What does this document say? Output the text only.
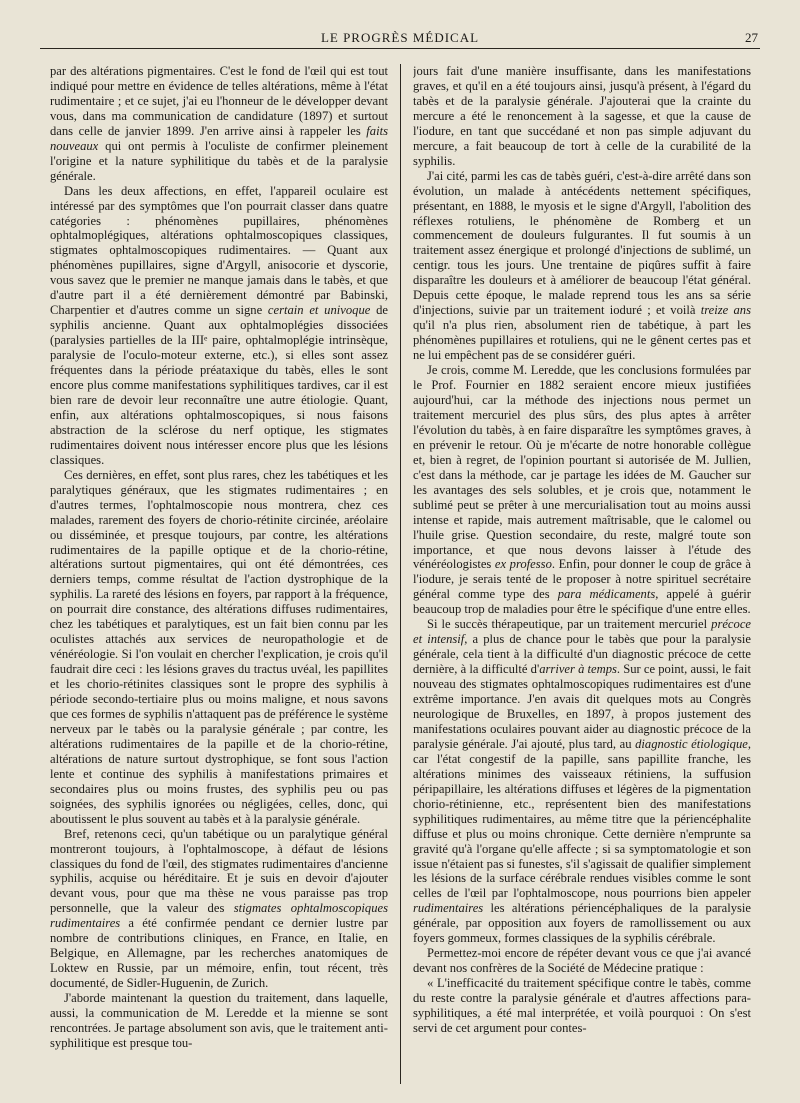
LE PROGRÈS MÉDICAL	27

par des altérations pigmentaires. C'est le fond de l'œil qui est tout indiqué pour mettre en évidence de telles altérations, même à l'état rudimentaire ; et ce sujet, j'ai eu l'honneur de le développer devant vous, dans ma communication de candidature (1897) et surtout dans celle de janvier 1899. J'en arrive ainsi à rappeler les faits nouveaux qui ont permis à l'oculiste de confirmer pleinement l'origine et la nature syphilitique du tabès et de la paralysie générale.

Dans les deux affections, en effet, l'appareil oculaire est intéressé par des symptômes que l'on pourrait classer dans quatre catégories : phénomènes pupillaires, phénomènes ophtalmoplégiques, altérations ophtalmoscopiques classiques, stigmates ophtalmoscopiques rudimentaires. — Quant aux phénomènes pupillaires, signe d'Argyll, anisocorie et dyscorie, vous savez que le premier ne manque jamais dans le tabès, et que d'autre part il a été dernièrement démontré par Babinski, Charpentier et d'autres comme un signe certain et univoque de syphilis ancienne. Quant aux ophtalmoplégies dissociées (paralysies partielles de la IIIᵉ paire, ophtalmoplégie intrinsèque, paralysie de l'oculo-moteur externe, etc.), si elles sont assez fréquentes dans la période préataxique du tabès, elles le sont encore plus comme manifestations syphilitiques tardives, car il est bien rare de devoir leur reconnaître une autre étiologie. Quant, enfin, aux altérations ophtalmoscopiques, si nous faisons abstraction de la sclérose du nerf optique, les stigmates rudimentaires doivent nous intéresser encore plus que les lésions classiques.

Ces dernières, en effet, sont plus rares, chez les tabétiques et les paralytiques généraux, que les stigmates rudimentaires ; en d'autres termes, l'ophtalmoscopie nous montrera, chez ces malades, rarement des foyers de chorio-rétinite circinée, aréolaire ou disséminée, et presque toujours, par contre, les altérations rudimentaires de la papille optique et de la chorio-rétine, altérations surtout pigmentaires, qui ont été démontrées, ces derniers temps, comme résultat de l'action dystrophique de la syphilis. La rareté des lésions en foyers, par rapport à la fréquence, on pourrait dire constance, des altérations diffuses rudimentaires, chez les tabétiques et paralytiques, est un fait bien connu par les oculistes attachés aux services de neuropathologie et de vénéréologie. Si l'on voulait en chercher l'explication, je crois qu'il faudrait dire ceci : les lésions graves du tractus uvéal, les papillites et les chorio-rétinites classiques sont le propre des syphilis à période secondo-tertiaire plus ou moins maligne, et nous savons que ces formes de syphilis n'attaquent pas de préférence le système nerveux par le tabès ou la paralysie générale ; par contre, les altérations rudimentaires de la papille et de la chorio-rétine, altérations de nature surtout dystrophique, se font sous l'action lente et continue des syphilis à manifestations primaires et secondaires plus ou moins frustes, des syphilis peu ou pas soignées, des syphilis ignorées ou négligées, celles, donc, qui aboutissent le plus souvent au tabès et à la paralysie générale.

Bref, retenons ceci, qu'un tabétique ou un paralytique général montreront toujours, à l'ophtalmoscope, à défaut de lésions classiques du fond de l'œil, des stigmates rudimentaires d'ancienne syphilis, acquise ou héréditaire. Et je suis en devoir d'ajouter devant vous, pour que ma thèse ne vous paraisse pas trop personnelle, que la valeur des stigmates ophtalmoscopiques rudimentaires a été confirmée pendant ce dernier lustre par nombre de contributions cliniques, en France, en Italie, en Belgique, en Allemagne, par les recherches anatomiques de Loktew en Russie, par un mémoire, enfin, tout récent, très documenté, de Sidler-Huguenin, de Zurich.

J'aborde maintenant la question du traitement, dans laquelle, aussi, la communication de M. Leredde et la mienne se sont rencontrées. Je partage absolument son avis, que le traitement anti-syphilitique est presque tou-

jours fait d'une manière insuffisante, dans les manifestations graves, et qu'il en a été toujours ainsi, jusqu'à présent, à l'égard du tabès et de la paralysie générale. J'ajouterai que la crainte du mercure a été le renoncement à la sagesse, et que la cause de l'iodure, en tant que succédané et non pas simple adjuvant du mercure, a fait beaucoup de tort à celle de la curabilité de la syphilis.

J'ai cité, parmi les cas de tabès guéri, c'est-à-dire arrêté dans son évolution, un malade à antécédents nettement spécifiques, présentant, en 1888, le myosis et le signe d'Argyll, l'abolition des réflexes rotuliens, le phénomène de Romberg et un commencement de douleurs fulgurantes. Il fut soumis à un traitement assez énergique et prolongé d'injections de sublimé, un centigr. tous les jours. Une trentaine de piqûres suffit à faire disparaître les douleurs et à améliorer de beaucoup l'état général. Depuis cette époque, le malade reprend tous les ans sa série d'injections, suivie par un traitement ioduré ; et voilà treize ans qu'il n'a plus rien, absolument rien de tabétique, à part les phénomènes pupillaires et rotuliens, qui ne le gênent certes pas et ne lui empêchent pas de se considérer guéri.

Je crois, comme M. Leredde, que les conclusions formulées par le Prof. Fournier en 1882 seraient encore mieux justifiées aujourd'hui, car la méthode des injections nous permet un traitement mercuriel des plus sûrs, des plus aptes à arrêter l'évolution du tabès, à en faire disparaître les symptômes graves, à en prévenir le retour. Où je m'écarte de notre honorable collègue et, bien à regret, de l'opinion pourtant si autorisée de M. Jullien, c'est dans la méthode, car je partage les idées de M. Gaucher sur les avantages des sels solubles, et je crois que, notamment le sublimé peut se prêter à une mercurialisation tout au moins aussi intense et rapide, mais autrement maîtrisable, que le calomel ou l'huile grise. Question secondaire, du reste, malgré toute son importance, et que nous devons laisser à l'étude des vénéréologistes ex professo. Enfin, pour donner le coup de grâce à l'iodure, je serais tenté de le proposer à notre spirituel secrétaire général comme type des para médicaments, appelé à guérir beaucoup trop de maladies pour être le spécifique d'une entre elles.

Si le succès thérapeutique, par un traitement mercuriel précoce et intensif, a plus de chance pour le tabès que pour la paralysie générale, cela tient à la difficulté d'un diagnostic précoce de cette dernière, à la difficulté d'arriver à temps. Sur ce point, aussi, le fait nouveau des stigmates ophtalmoscopiques rudimentaires est d'une extrême importance. J'en avais dit quelques mots au Congrès neurologique de Bruxelles, en 1897, à propos justement des manifestations oculaires pouvant aider au diagnostic précoce de la paralysie générale. J'ai ajouté, plus tard, au diagnostic étiologique, car l'état congestif de la papille, sans papillite franche, les altérations minimes des vaisseaux rétiniens, la suffusion péripapillaire, les altérations diffuses et légères de la pigmentation chorio-rétinienne, etc., représentent bien des manifestations syphilitiques rudimentaires, au même titre que la périencéphalite diffuse et plus ou moins chronique. Cette dernière n'emprunte sa gravité qu'à l'organe qu'elle affecte ; si sa symptomatologie et son issue n'étaient pas si funestes, s'il s'agissait de qualifier simplement les lésions de la surface cérébrale rendues visibles comme le sont celles de l'œil par l'ophtalmoscope, nous pourrions bien appeler rudimentaires les altérations périencéphaliques de la paralysie générale, par opposition aux foyers de ramollissement ou aux foyers gommeux, formes classiques de la syphilis cérébrale.

Permettez-moi encore de répéter devant vous ce que j'ai avancé devant nos confrères de la Société de Médecine pratique :

« L'inefficacité du traitement spécifique contre le tabès, comme du reste contre la paralysie générale et d'autres affections para-syphilitiques, a été mal interprétée, et voilà pourquoi : On s'est servi de cet argument pour contes-
